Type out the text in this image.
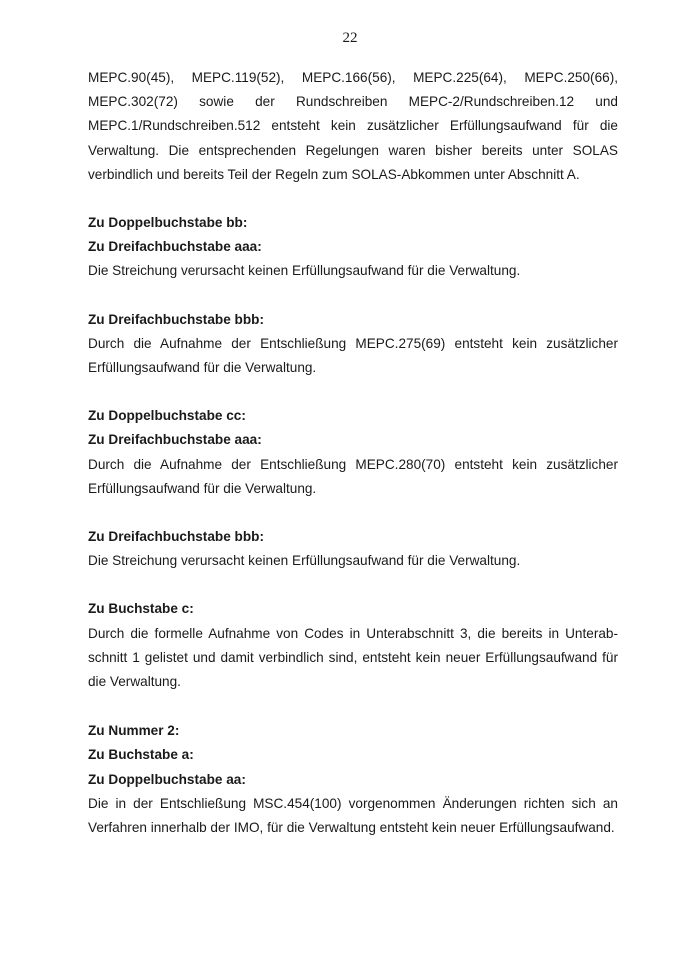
22

MEPC.90(45), MEPC.119(52), MEPC.166(56), MEPC.225(64), MEPC.250(66), MEPC.302(72) sowie der Rundschreiben MEPC-2/Rundschreiben.12 und MEPC.1/Rundschreiben.512 entsteht kein zusätzlicher Erfüllungsaufwand für die Verwaltung. Die entsprechenden Regelungen waren bisher bereits unter SOLAS verbindlich und bereits Teil der Regeln zum SOLAS-Abkommen unter Abschnitt A.

Zu Doppelbuchstabe bb:

Zu Dreifachbuchstabe aaa:

Die Streichung verursacht keinen Erfüllungsaufwand für die Verwaltung.

Zu Dreifachbuchstabe bbb:

Durch die Aufnahme der Entschließung MEPC.275(69) entsteht kein zusätzlicher Erfüllungsaufwand für die Verwaltung.

Zu Doppelbuchstabe cc:

Zu Dreifachbuchstabe aaa:

Durch die Aufnahme der Entschließung MEPC.280(70) entsteht kein zusätzlicher Erfüllungsaufwand für die Verwaltung.

Zu Dreifachbuchstabe bbb:

Die Streichung verursacht keinen Erfüllungsaufwand für die Verwaltung.

Zu Buchstabe c:

Durch die formelle Aufnahme von Codes in Unterabschnitt 3, die bereits in Unterabschnitt 1 gelistet und damit verbindlich sind, entsteht kein neuer Erfüllungsaufwand für die Verwaltung.

Zu Nummer 2:

Zu Buchstabe a:

Zu Doppelbuchstabe aa:

Die in der Entschließung MSC.454(100) vorgenommen Änderungen richten sich an Verfahren innerhalb der IMO, für die Verwaltung entsteht kein neuer Erfüllungsaufwand.
